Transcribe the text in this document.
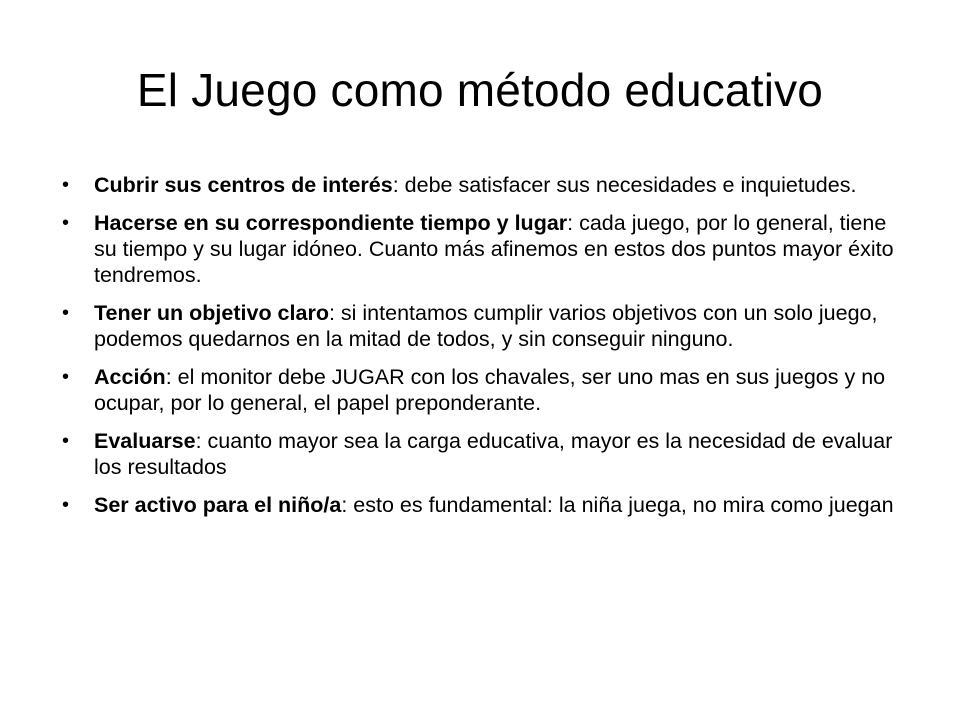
El Juego como método educativo
• Cubrir sus centros de interés: debe satisfacer sus necesidades e inquietudes.
• Hacerse en su correspondiente tiempo y lugar: cada juego, por lo general, tiene su tiempo y su lugar idóneo. Cuanto más afinemos en estos dos puntos mayor éxito tendremos.
• Tener un objetivo claro: si intentamos cumplir varios objetivos con un solo juego, podemos quedarnos en la mitad de todos, y sin conseguir ninguno.
• Acción: el monitor debe JUGAR con los chavales, ser uno mas en sus juegos y no ocupar, por lo general, el papel preponderante.
• Evaluarse: cuanto mayor sea la carga educativa, mayor es la necesidad de evaluar los resultados
• Ser activo para el niño/a: esto es fundamental: la niña juega, no mira como juegan
